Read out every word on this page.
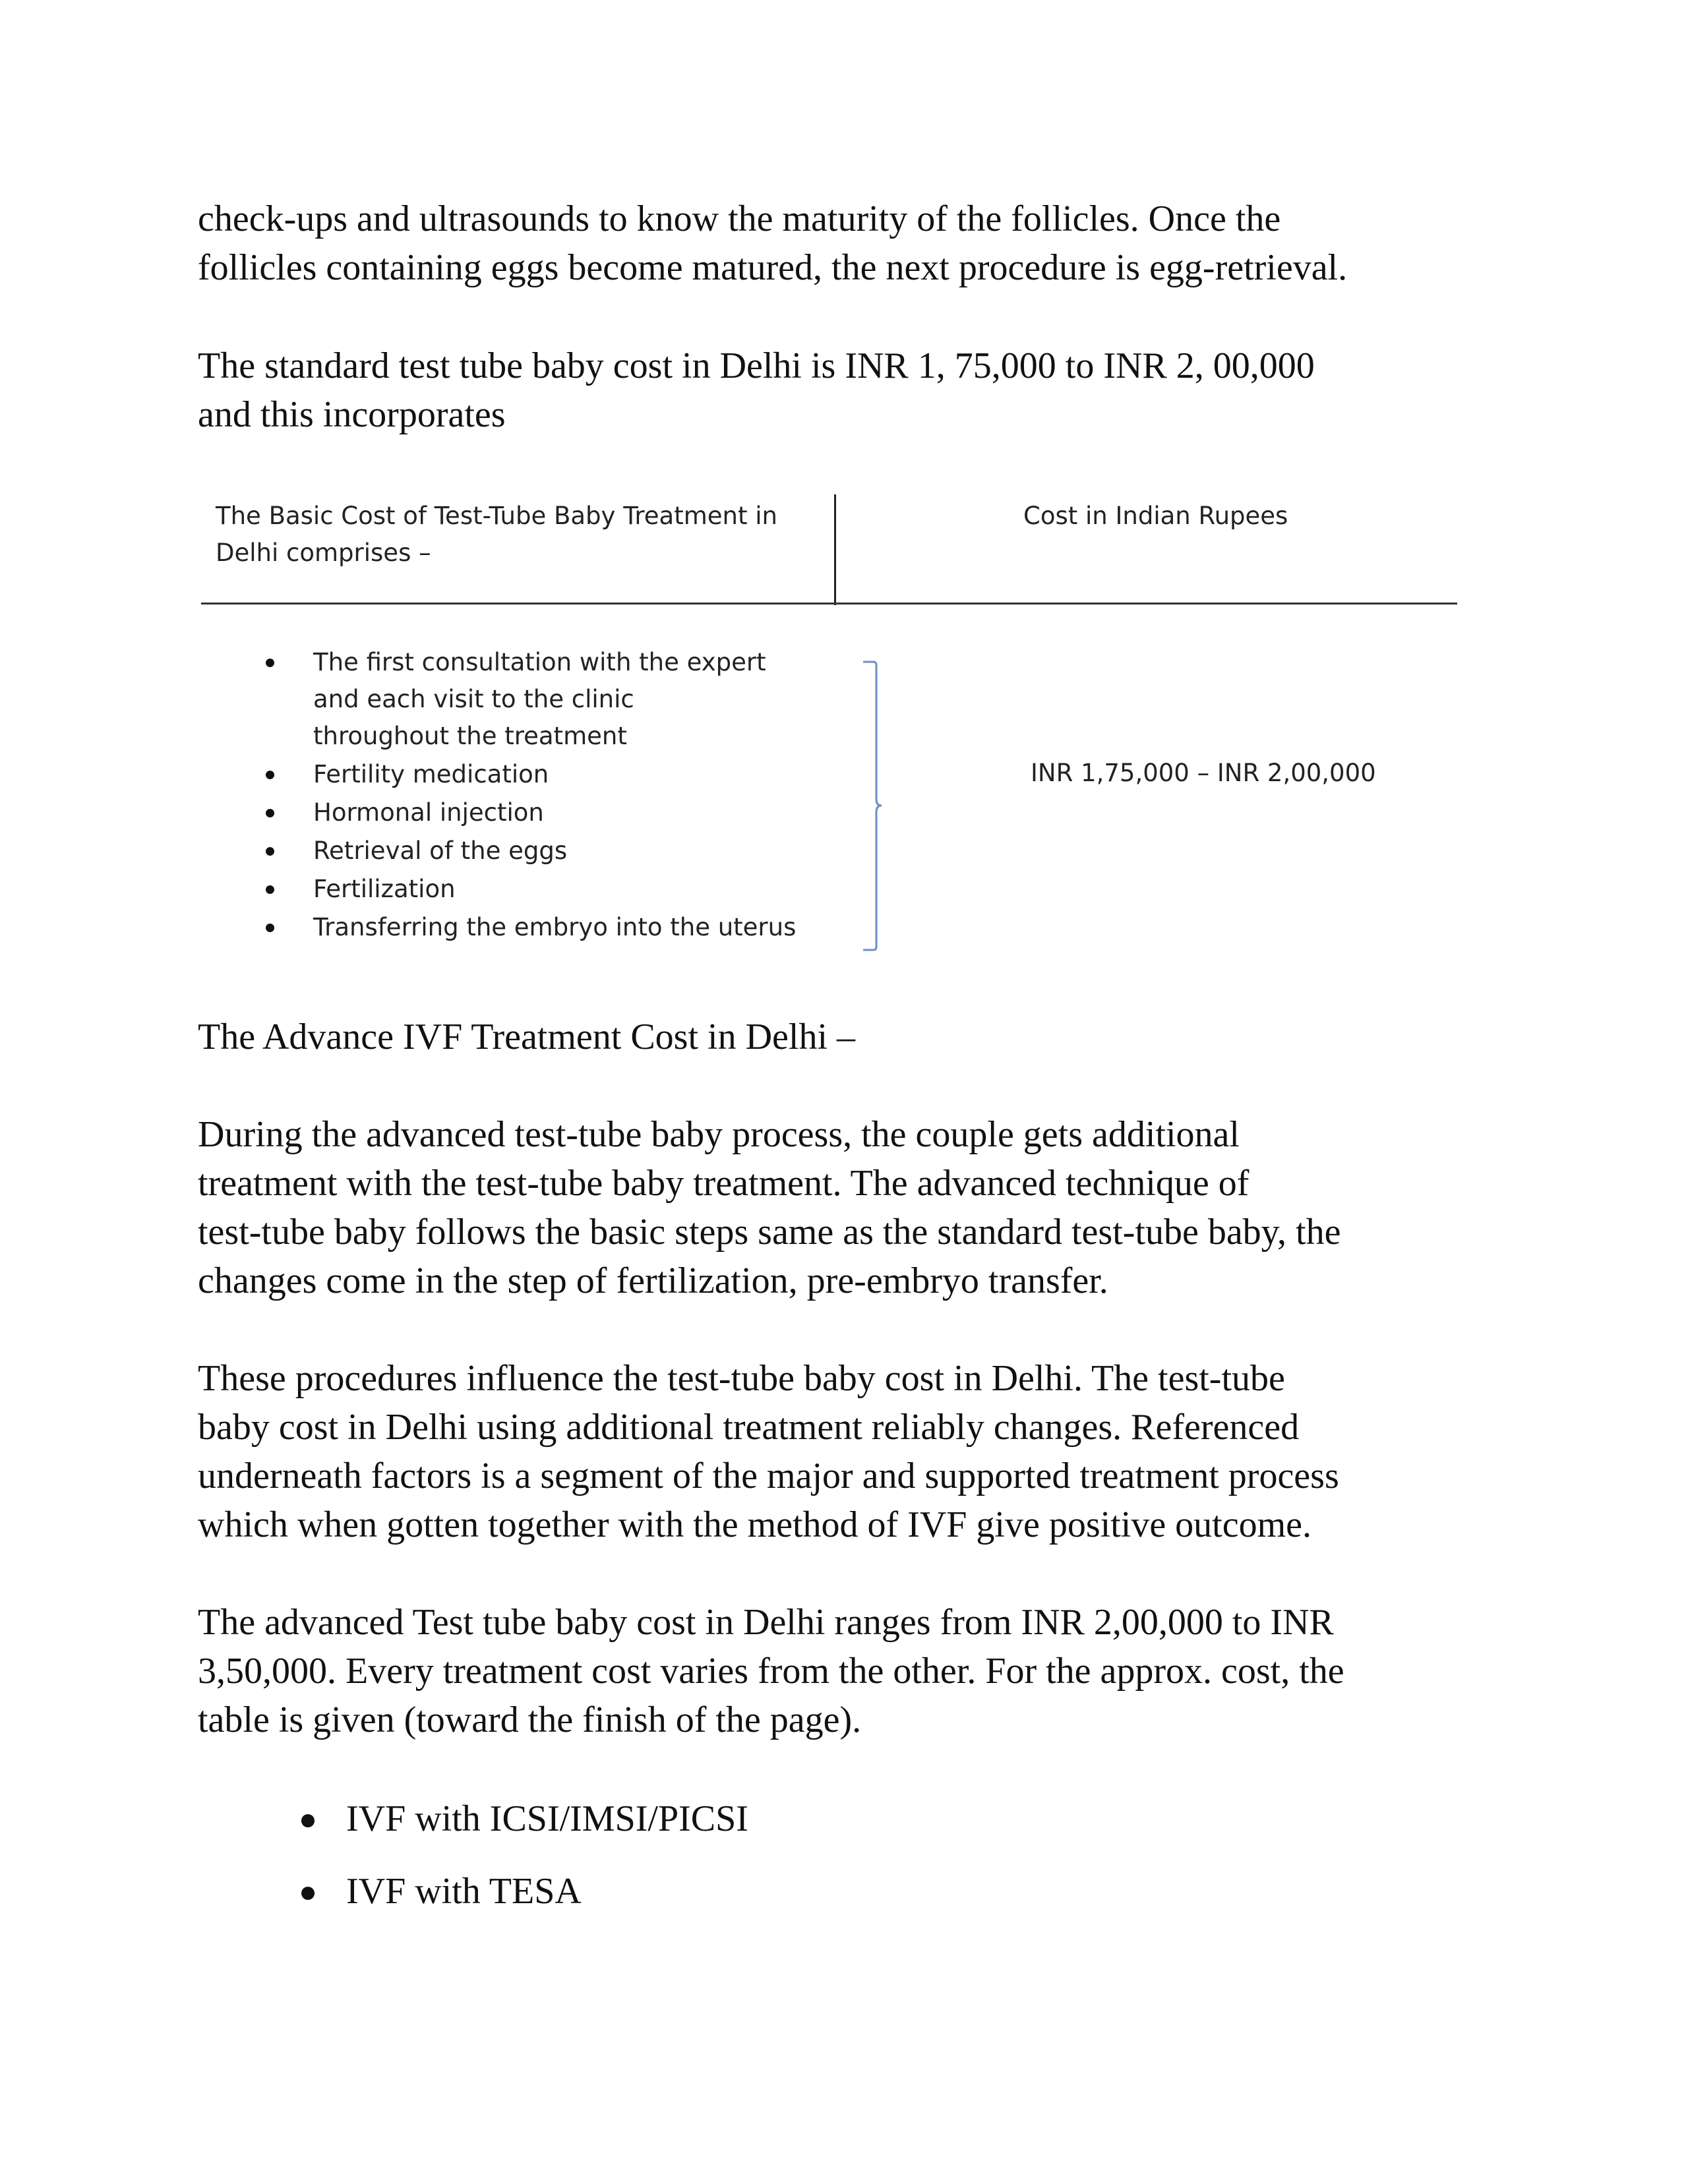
check-ups and ultrasounds to know the maturity of the follicles. Once the
follicles containing eggs become matured, the next procedure is egg-retrieval.

The standard test tube baby cost in Delhi is INR 1, 75,000 to INR 2, 00,000
and this incorporates

The Basic Cost of Test-Tube Baby Treatment in
Delhi comprises –
Cost in Indian Rupees
The first consultation with the expert
and each visit to the clinic
throughout the treatment
Fertility medication
Hormonal injection
Retrieval of the eggs
Fertilization
Transferring the embryo into the uterus
INR 1,75,000 – INR 2,00,000

The Advance IVF Treatment Cost in Delhi –

During the advanced test-tube baby process, the couple gets additional
treatment with the test-tube baby treatment. The advanced technique of
test-tube baby follows the basic steps same as the standard test-tube baby, the
changes come in the step of fertilization, pre-embryo transfer.

These procedures influence the test-tube baby cost in Delhi. The test-tube
baby cost in Delhi using additional treatment reliably changes. Referenced
underneath factors is a segment of the major and supported treatment process
which when gotten together with the method of IVF give positive outcome.

The advanced Test tube baby cost in Delhi ranges from INR 2,00,000 to INR
3,50,000. Every treatment cost varies from the other. For the approx. cost, the
table is given (toward the finish of the page).

IVF with ICSI/IMSI/PICSI
IVF with TESA
